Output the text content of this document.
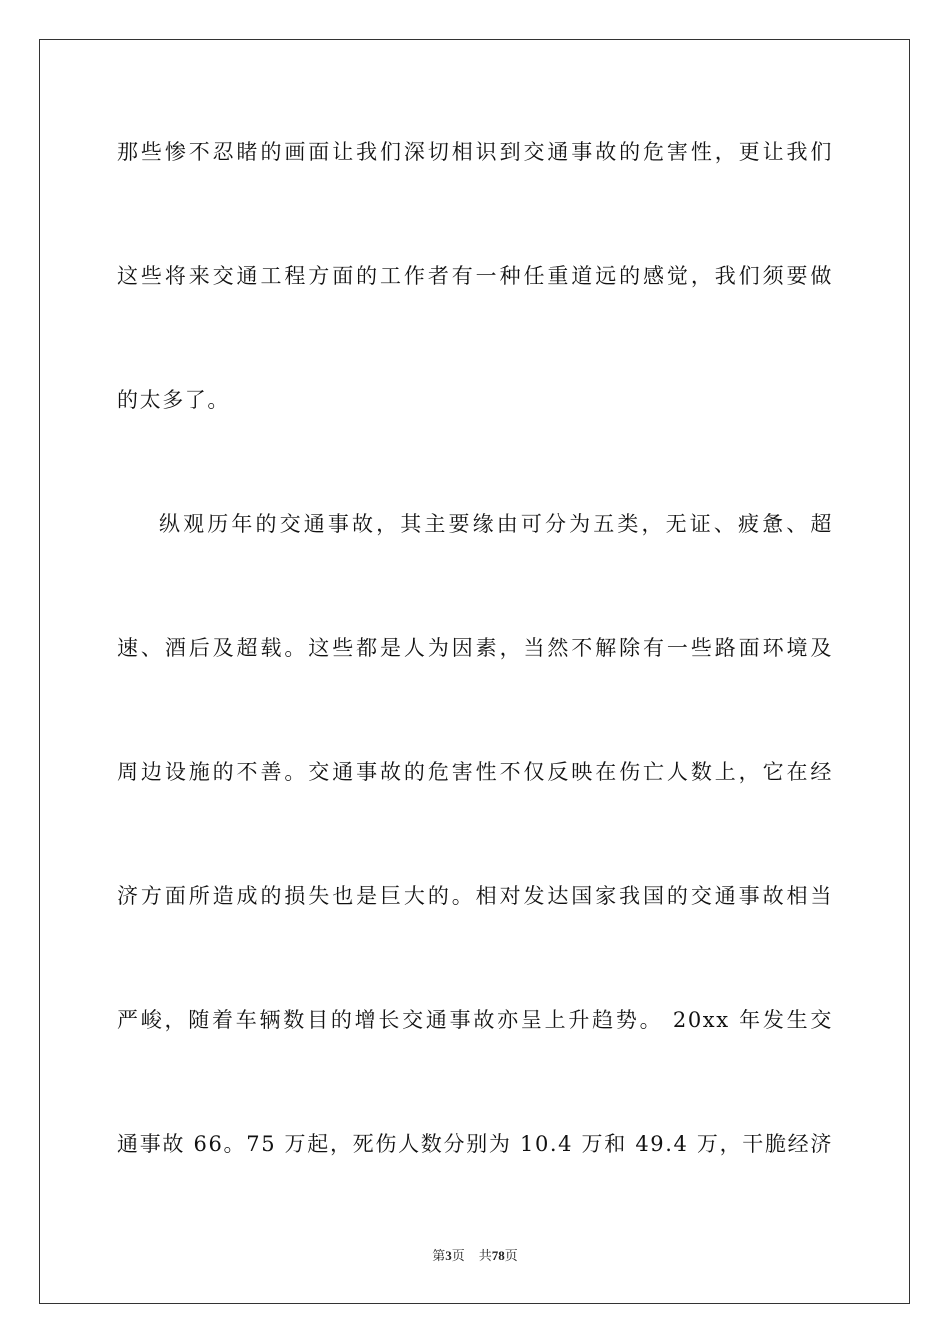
那些惨不忍睹的画面让我们深切相识到交通事故的危害性，更让我们
这些将来交通工程方面的工作者有一种任重道远的感觉，我们须要做
的太多了。
纵观历年的交通事故，其主要缘由可分为五类，无证、疲惫、超
速、酒后及超载。这些都是人为因素，当然不解除有一些路面环境及
周边设施的不善。交通事故的危害性不仅反映在伤亡人数上，它在经
济方面所造成的损失也是巨大的。相对发达国家我国的交通事故相当
严峻，随着车辆数目的增长交通事故亦呈上升趋势。 20xx 年发生交
通事故 66。75 万起，死伤人数分别为 10.4 万和 49.4 万，干脆经济
第3页 共78页
